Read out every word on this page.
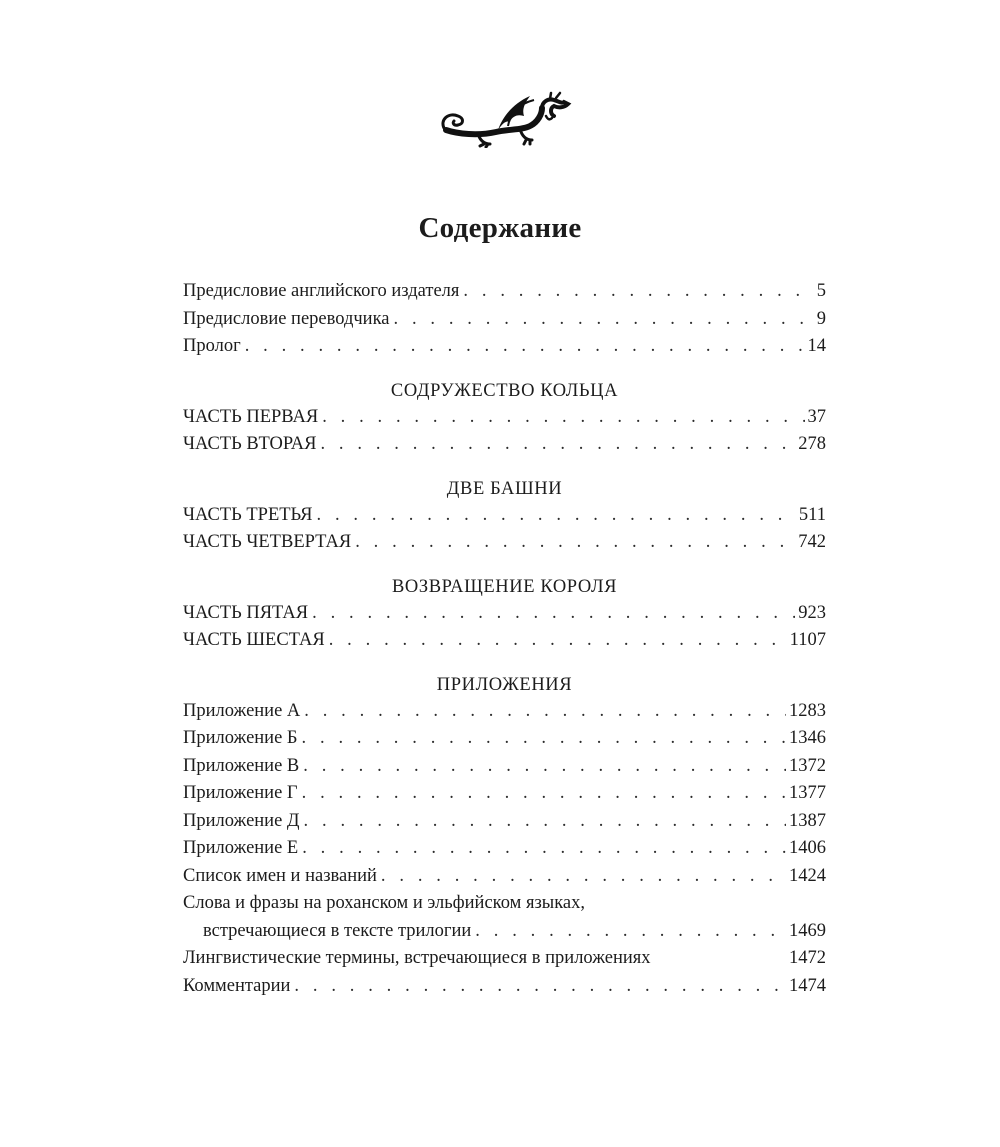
Содержание
Предисловие английского издателя . . .	5
Предисловие переводчика . . .	9
Пролог . . .	14
СОДРУЖЕСТВО КОЛЬЦА
ЧАСТЬ ПЕРВАЯ . . .	37
ЧАСТЬ ВТОРАЯ . . .	278
ДВЕ БАШНИ
ЧАСТЬ ТРЕТЬЯ . . .	511
ЧАСТЬ ЧЕТВЕРТАЯ . . .	742
ВОЗВРАЩЕНИЕ КОРОЛЯ
ЧАСТЬ ПЯТАЯ . . .	923
ЧАСТЬ ШЕСТАЯ . . .	1107
ПРИЛОЖЕНИЯ
Приложение А . . .	1283
Приложение Б . . .	1346
Приложение В . . .	1372
Приложение Г . . .	1377
Приложение Д . . .	1387
Приложение Е . . .	1406
Список имен и названий . . .	1424
Слова и фразы на роханском и эльфийском языках,
встречающиеся в тексте трилогии . . .	1469
Лингвистические термины, встречающиеся в приложениях	1472
Комментарии . . .	1474
